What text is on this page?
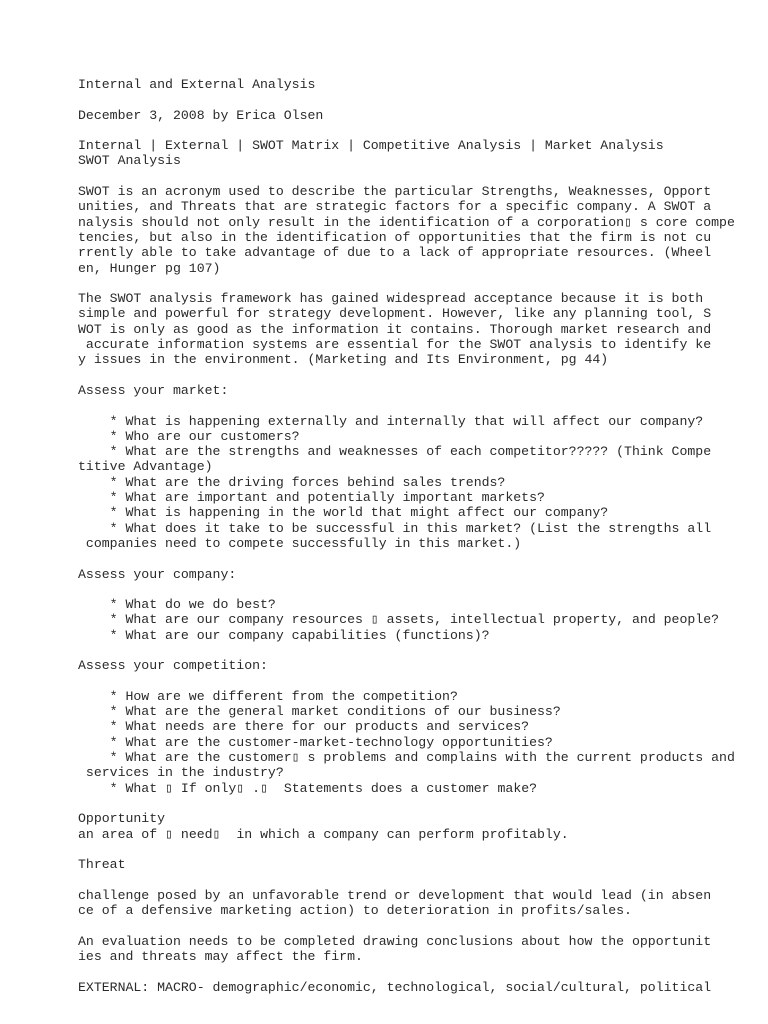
Internal and External Analysis
December 3, 2008 by Erica Olsen
Internal | External | SWOT Matrix | Competitive Analysis | Market Analysis
SWOT Analysis
SWOT is an acronym used to describe the particular Strengths, Weaknesses, Opport
unities, and Threats that are strategic factors for a specific company. A SWOT a
nalysis should not only result in the identification of a corporation▯ s core compe
tencies, but also in the identification of opportunities that the firm is not cu
rrently able to take advantage of due to a lack of appropriate resources. (Wheel
en, Hunger pg 107)
The SWOT analysis framework has gained widespread acceptance because it is both
simple and powerful for strategy development. However, like any planning tool, S
WOT is only as good as the information it contains. Thorough market research and
accurate information systems are essential for the SWOT analysis to identify ke
y issues in the environment. (Marketing and Its Environment, pg 44)
Assess your market:
* What is happening externally and internally that will affect our company?
* Who are our customers?
* What are the strengths and weaknesses of each competitor????? (Think Compe
titive Advantage)
* What are the driving forces behind sales trends?
* What are important and potentially important markets?
* What is happening in the world that might affect our company?
* What does it take to be successful in this market? (List the strengths all
companies need to compete successfully in this market.)
Assess your company:
* What do we do best?
* What are our company resources ▯ assets, intellectual property, and people?
* What are our company capabilities (functions)?
Assess your competition:
* How are we different from the competition?
* What are the general market conditions of our business?
* What needs are there for our products and services?
* What are the customer-market-technology opportunities?
* What are the customer▯ s problems and complains with the current products and
services in the industry?
* What ▯ If only▯ .▯  Statements does a customer make?
Opportunity
an area of ▯ need▯  in which a company can perform profitably.
Threat
challenge posed by an unfavorable trend or development that would lead (in absen
ce of a defensive marketing action) to deterioration in profits/sales.
An evaluation needs to be completed drawing conclusions about how the opportunit
ies and threats may affect the firm.
EXTERNAL: MACRO- demographic/economic, technological, social/cultural, political
